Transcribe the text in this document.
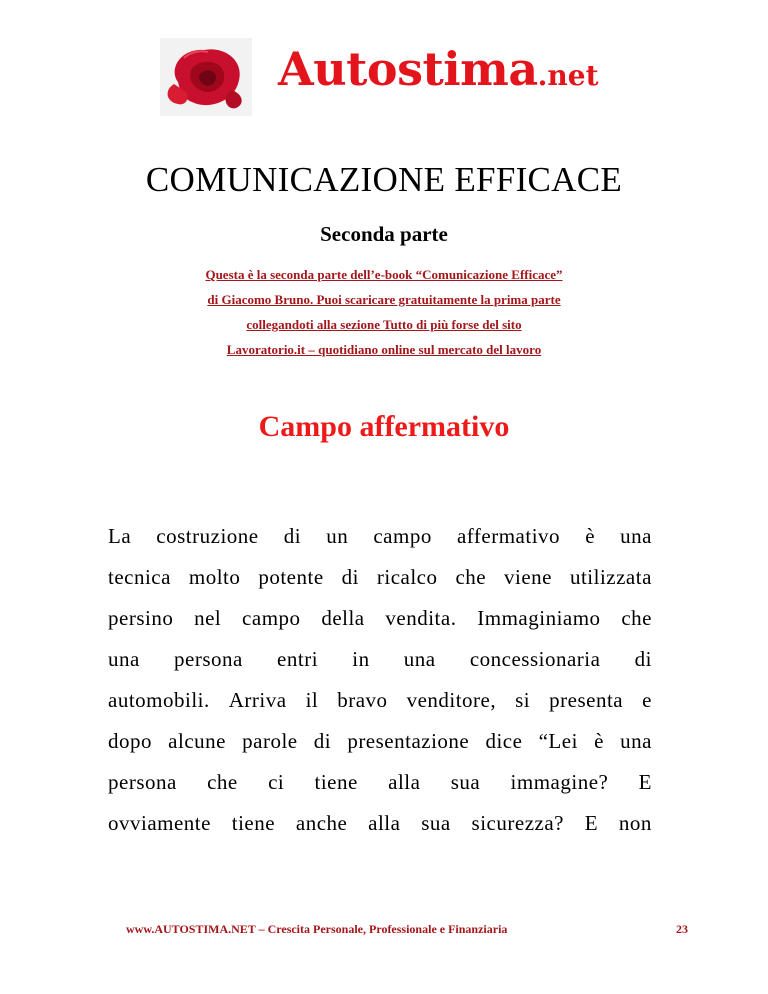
Autostima.net
COMUNICAZIONE EFFICACE
Seconda parte
Questa è la seconda parte dell’e-book “Comunicazione Efficace”
di Giacomo Bruno. Puoi scaricare gratuitamente la prima parte
collegandoti alla sezione Tutto di più forse del sito
Lavoratorio.it – quotidiano online sul mercato del lavoro
Campo affermativo
La costruzione di un campo affermativo è una
tecnica molto potente di ricalco che viene utilizzata
persino nel campo della vendita. Immaginiamo che
una persona entri in una concessionaria di
automobili. Arriva il bravo venditore, si presenta e
dopo alcune parole di presentazione dice “Lei è una
persona che ci tiene alla sua immagine? E
ovviamente tiene anche alla sua sicurezza? E non
www.AUTOSTIMA.NET – Crescita Personale, Professionale e Finanziaria	23
